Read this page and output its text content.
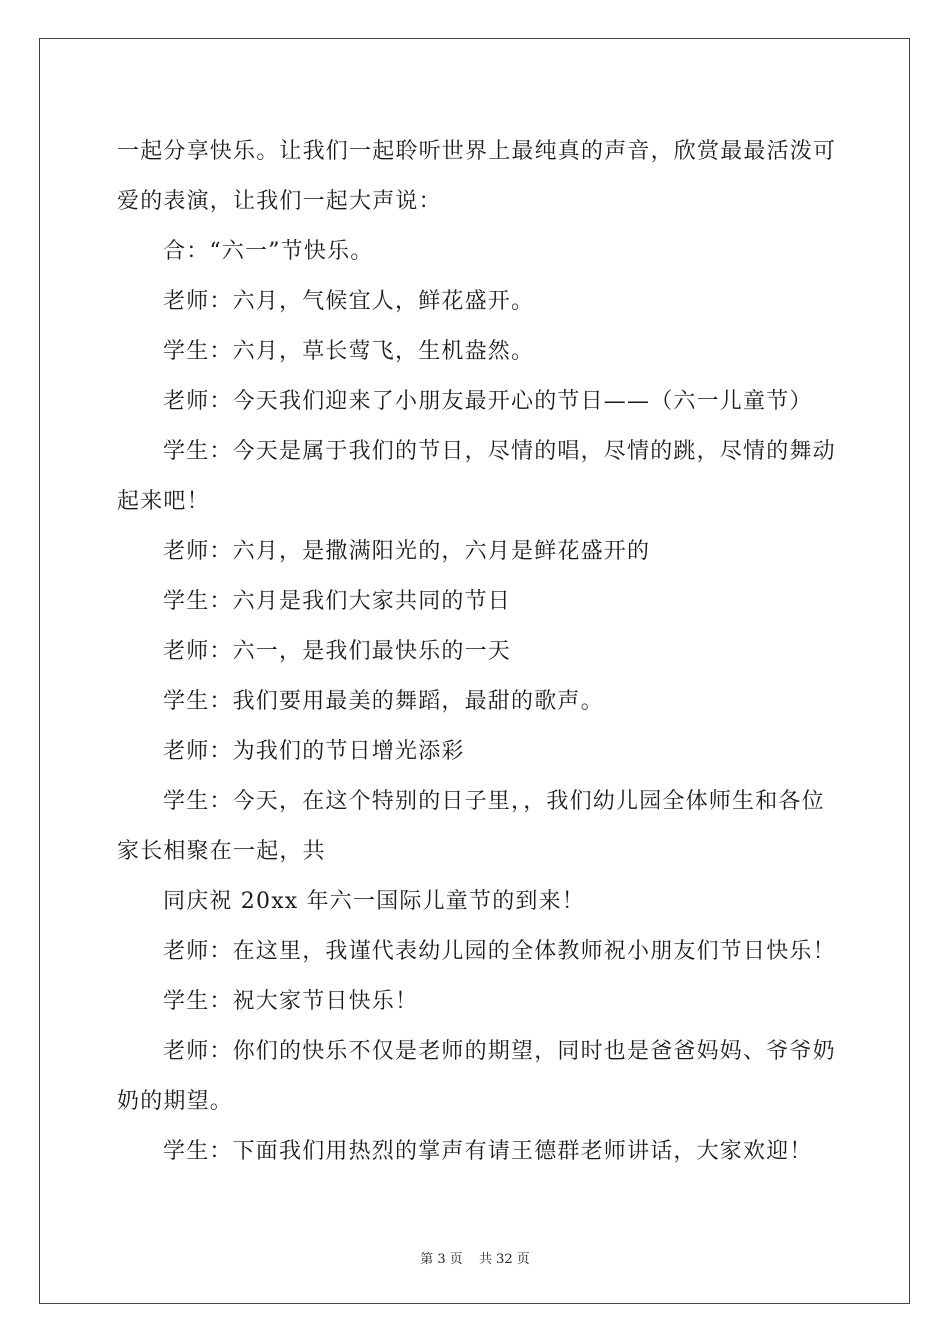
一起分享快乐。让我们一起聆听世界上最纯真的声音，欣赏最最活泼可爱的表演，让我们一起大声说：

合：“六一”节快乐。

老师：六月，气候宜人，鲜花盛开。

学生：六月，草长莺飞，生机盎然。

老师：今天我们迎来了小朋友最开心的节日——（六一儿童节）

学生：今天是属于我们的节日，尽情的唱，尽情的跳，尽情的舞动起来吧！

老师：六月，是撒满阳光的，六月是鲜花盛开的

学生：六月是我们大家共同的节日

老师：六一，是我们最快乐的一天

学生：我们要用最美的舞蹈，最甜的歌声。

老师：为我们的节日增光添彩

学生：今天，在这个特别的日子里，，我们幼儿园全体师生和各位家长相聚在一起，共

同庆祝 20xx 年六一国际儿童节的到来！

老师：在这里，我谨代表幼儿园的全体教师祝小朋友们节日快乐！

学生：祝大家节日快乐！

老师：你们的快乐不仅是老师的期望，同时也是爸爸妈妈、爷爷奶奶的期望。

学生：下面我们用热烈的掌声有请王德群老师讲话，大家欢迎！

第 3 页 共 32 页
